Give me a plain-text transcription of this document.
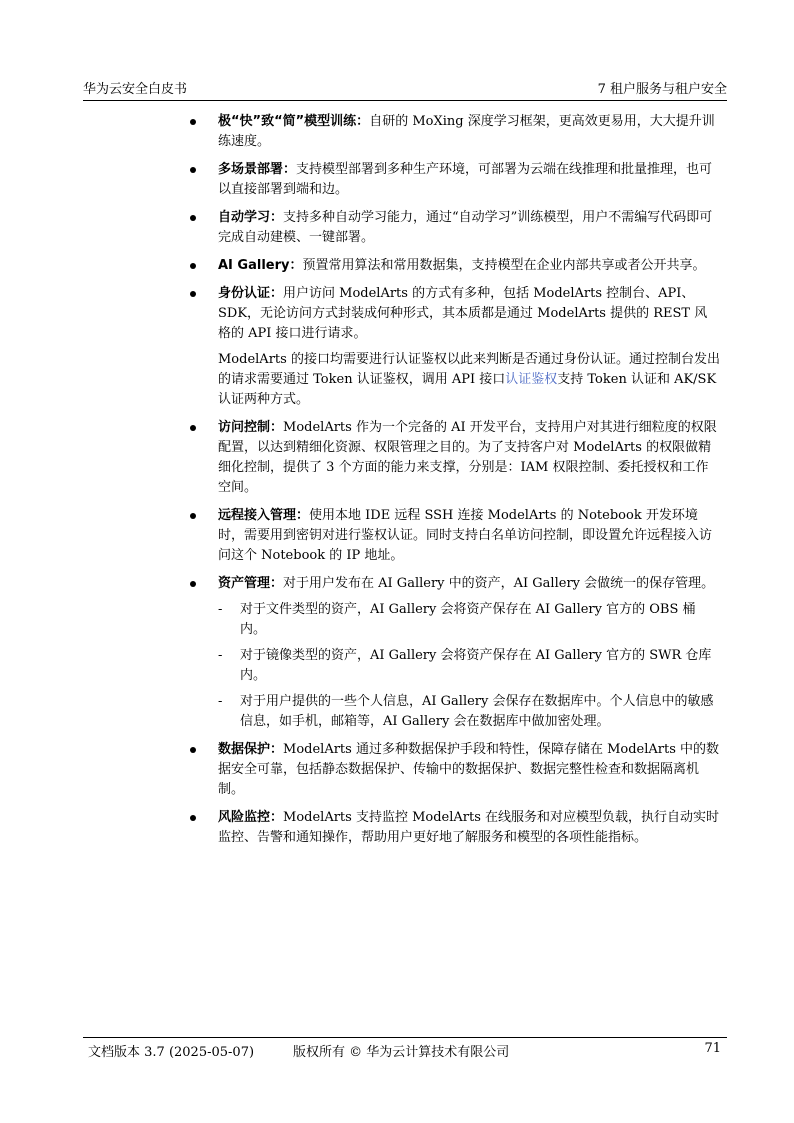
华为云安全白皮书	7 租户服务与租户安全
极“快”致“简”模型训练：自研的 MoXing 深度学习框架，更高效更易用，大大提升训练速度。
多场景部署：支持模型部署到多种生产环境，可部署为云端在线推理和批量推理，也可以直接部署到端和边。
自动学习：支持多种自动学习能力，通过“自动学习”训练模型，用户不需编写代码即可完成自动建模、一键部署。
AI Gallery：预置常用算法和常用数据集，支持模型在企业内部共享或者公开共享。
身份认证：用户访问 ModelArts 的方式有多种，包括 ModelArts 控制台、API、SDK，无论访问方式封装成何种形式，其本质都是通过 ModelArts 提供的 REST 风格的 API 接口进行请求。
ModelArts 的接口均需要进行认证鉴权以此来判断是否通过身份认证。通过控制台发出的请求需要通过 Token 认证鉴权，调用 API 接口认证鉴权支持 Token 认证和 AK/SK 认证两种方式。
访问控制：ModelArts 作为一个完备的 AI 开发平台，支持用户对其进行细粒度的权限配置，以达到精细化资源、权限管理之目的。为了支持客户对 ModelArts 的权限做精细化控制，提供了 3 个方面的能力来支撑，分别是：IAM 权限控制、委托授权和工作空间。
远程接入管理：使用本地 IDE 远程 SSH 连接 ModelArts 的 Notebook 开发环境时，需要用到密钥对进行鉴权认证。同时支持白名单访问控制，即设置允许远程接入访问这个 Notebook 的 IP 地址。
资产管理：对于用户发布在 AI Gallery 中的资产，AI Gallery 会做统一的保存管理。
- 对于文件类型的资产，AI Gallery 会将资产保存在 AI Gallery 官方的 OBS 桶内。
- 对于镜像类型的资产，AI Gallery 会将资产保存在 AI Gallery 官方的 SWR 仓库内。
- 对于用户提供的一些个人信息，AI Gallery 会保存在数据库中。个人信息中的敏感信息，如手机，邮箱等，AI Gallery 会在数据库中做加密处理。
数据保护：ModelArts 通过多种数据保护手段和特性，保障存储在 ModelArts 中的数据安全可靠，包括静态数据保护、传输中的数据保护、数据完整性检查和数据隔离机制。
风险监控：ModelArts 支持监控 ModelArts 在线服务和对应模型负载，执行自动实时监控、告警和通知操作，帮助用户更好地了解服务和模型的各项性能指标。
文档版本 3.7 (2025-05-07)	版权所有 © 华为云计算技术有限公司	71
